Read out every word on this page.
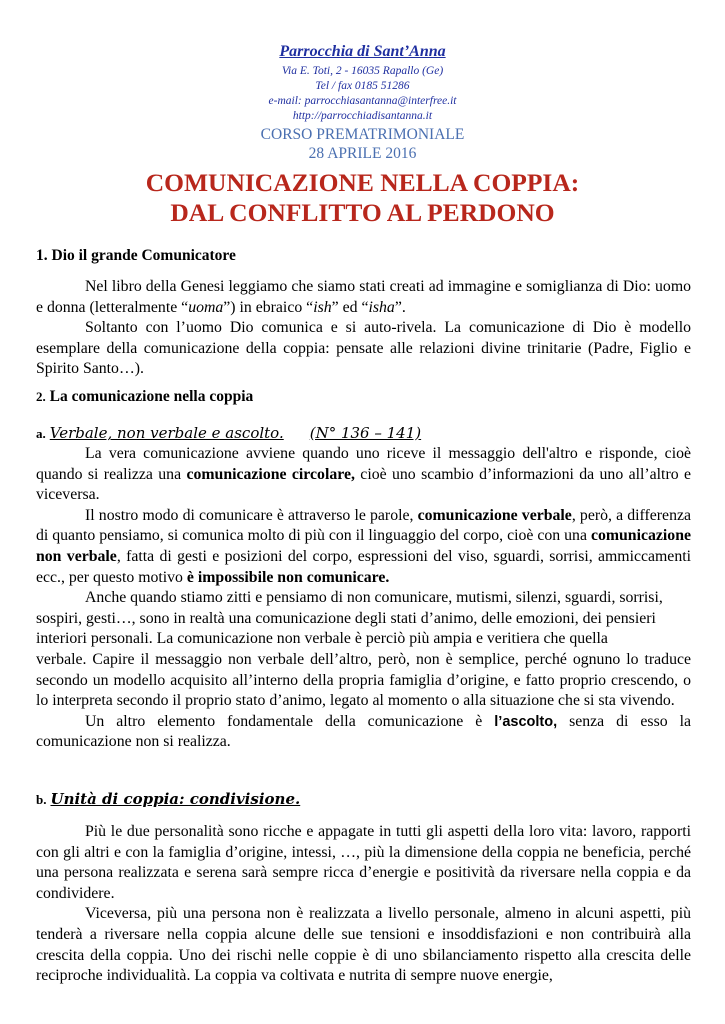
Parrocchia di Sant’Anna
Via E. Toti, 2 - 16035 Rapallo (Ge)
Tel / fax 0185 51286
e-mail: parrocchiasantanna@interfree.it
http://parrocchiadisantanna.it
CORSO PREMATRIMONIALE
28 APRILE 2016
COMUNICAZIONE NELLA COPPIA:
DAL CONFLITTO AL PERDONO
1. Dio il grande Comunicatore

Nel libro della Genesi leggiamo che siamo stati creati ad immagine e somiglianza di Dio: uomo e donna (letteralmente “uoma”) in ebraico “ish” ed “isha”.

Soltanto con l’uomo Dio comunica e si auto-rivela. La comunicazione di Dio è modello esemplare della comunicazione della coppia: pensate alle relazioni divine trinitarie (Padre, Figlio e Spirito Santo…).

2. La comunicazione nella coppia
a. Verbale, non verbale e ascolto. (N° 136 – 141)

La vera comunicazione avviene quando uno riceve il messaggio dell'altro e risponde, cioè quando si realizza una comunicazione circolare, cioè uno scambio d’informazioni da uno all’altro e viceversa.

Il nostro modo di comunicare è attraverso le parole, comunicazione verbale, però, a differenza di quanto pensiamo, si comunica molto di più con il linguaggio del corpo, cioè con una comunicazione non verbale, fatta di gesti e posizioni del corpo, espressioni del viso, sguardi, sorrisi, ammiccamenti ecc., per questo motivo è impossibile non comunicare.

Anche quando stiamo zitti e pensiamo di non comunicare, mutismi, silenzi, sguardi, sorrisi, sospiri, gesti…, sono in realtà una comunicazione degli stati d’animo, delle emozioni, dei pensieri interiori personali. La comunicazione non verbale è perciò più ampia e veritiera che quella

verbale. Capire il messaggio non verbale dell’altro, però, non è semplice, perché ognuno lo traduce secondo un modello acquisito all’interno della propria famiglia d’origine, e fatto proprio crescendo, o lo interpreta secondo il proprio stato d’animo, legato al momento o alla situazione che si sta vivendo.

Un altro elemento fondamentale della comunicazione è l’ascolto, senza di esso la comunicazione non si realizza.

b. Unità di coppia: condivisione.

Più le due personalità sono ricche e appagate in tutti gli aspetti della loro vita: lavoro, rapporti con gli altri e con la famiglia d’origine, intessi, …, più la dimensione della coppia ne beneficia, perché una persona realizzata e serena sarà sempre ricca d’energie e positività da riversare nella coppia e da condividere.

Viceversa, più una persona non è realizzata a livello personale, almeno in alcuni aspetti, più tenderà a riversare nella coppia alcune delle sue tensioni e insoddisfazioni e non contribuirà alla crescita della coppia. Uno dei rischi nelle coppie è di uno sbilanciamento rispetto alla crescita delle reciproche individualità. La coppia va coltivata e nutrita di sempre nuove energie,
